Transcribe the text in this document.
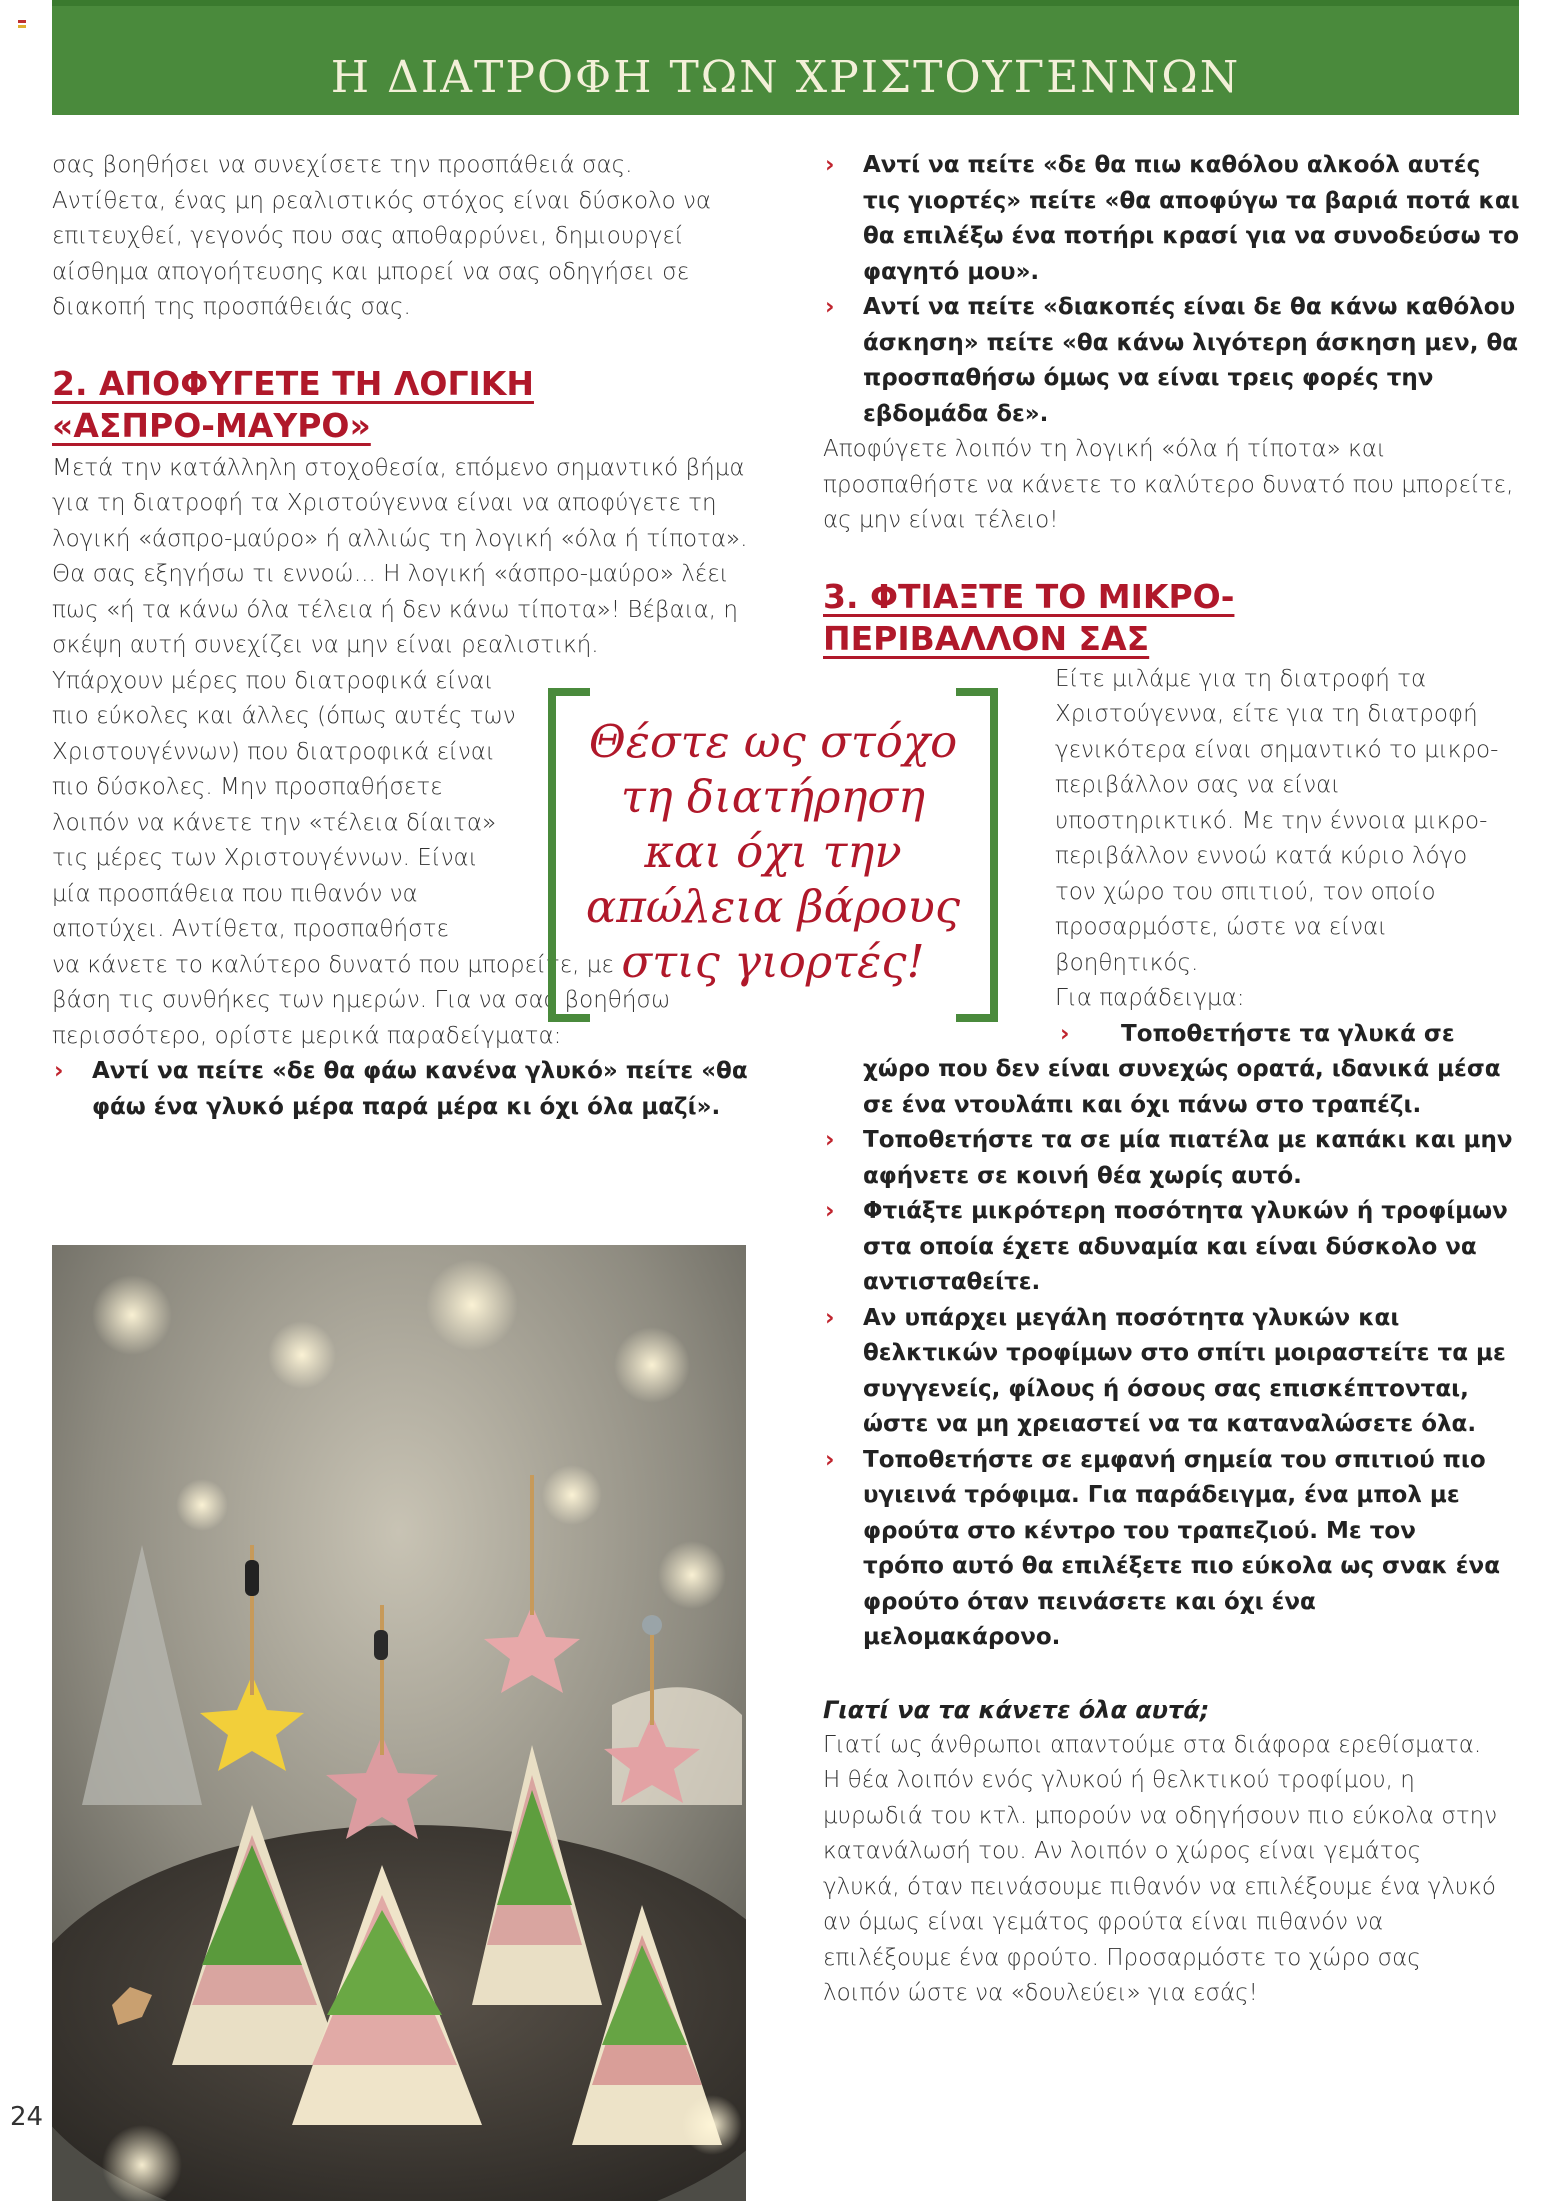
Η ΔΙΑΤΡΟΦΗ ΤΩΝ ΧΡΙΣΤΟΥΓΕΝΝΩΝ

σας βοηθήσει να συνεχίσετε την προσπάθειά σας. Αντίθετα, ένας μη ρεαλιστικός στόχος είναι δύσκολο να επιτευχθεί, γεγονός που σας αποθαρρύνει, δημιουργεί αίσθημα απογοήτευσης και μπορεί να σας οδηγήσει σε διακοπή της προσπάθειάς σας.

2. ΑΠΟΦΥΓΕΤΕ ΤΗ ΛΟΓΙΚΗ
«ΑΣΠΡΟ-ΜΑΥΡΟ»

Μετά την κατάλληλη στοχοθεσία, επόμενο σημαντικό βήμα για τη διατροφή τα Χριστούγεννα είναι να αποφύγετε τη λογική «άσπρο-μαύρο» ή αλλιώς τη λογική «όλα ή τίποτα». Θα σας εξηγήσω τι εννοώ... Η λογική «άσπρο-μαύρο» λέει πως «ή τα κάνω όλα τέλεια ή δεν κάνω τίποτα»! Βέβαια, η σκέψη αυτή συνεχίζει να μην είναι ρεαλιστική.

Υπάρχουν μέρες που διατροφικά είναι πιο εύκολες και άλλες (όπως αυτές των Χριστουγέννων) που διατροφικά είναι πιο δύσκολες. Μην προσπαθήσετε λοιπόν να κάνετε την «τέλεια δίαιτα» τις μέρες των Χριστουγέννων. Είναι μία προσπάθεια που πιθανόν να αποτύχει. Αντίθετα, προσπαθήστε

να κάνετε το καλύτερο δυνατό που μπορείτε, με βάση τις συνθήκες των ημερών. Για να σας βοηθήσω περισσότερο, ορίστε μερικά παραδείγματα:

› Αντί να πείτε «δε θα φάω κανένα γλυκό» πείτε «θα φάω ένα γλυκό μέρα παρά μέρα κι όχι όλα μαζί».
Θέστε ως στόχο
τη διατήρηση
και όχι την
απώλεια βάρους
στις γιορτές!
24
› Αντί να πείτε «δε θα πιω καθόλου αλκοόλ αυτές τις γιορτές» πείτε «θα αποφύγω τα βαριά ποτά και θα επιλέξω ένα ποτήρι κρασί για να συνοδεύσω το φαγητό μου».
› Αντί να πείτε «διακοπές είναι δε θα κάνω καθόλου άσκηση» πείτε «θα κάνω λιγότερη άσκηση μεν, θα προσπαθήσω όμως να είναι τρεις φορές την εβδομάδα δε».

Αποφύγετε λοιπόν τη λογική «όλα ή τίποτα» και προσπαθήστε να κάνετε το καλύτερο δυνατό που μπορείτε, ας μην είναι τέλειο!

3. ΦΤΙΑΞΤΕ ΤΟ ΜΙΚΡΟ-
ΠΕΡΙΒΑΛΛΟΝ ΣΑΣ

Είτε μιλάμε για τη διατροφή τα Χριστούγεννα, είτε για τη διατροφή γενικότερα είναι σημαντικό το μικρο-περιβάλλον σας να είναι υποστηρικτικό. Με την έννοια μικρο-περιβάλλον εννοώ κατά κύριο λόγο τον χώρο του σπιτιού, τον οποίο προσαρμόστε, ώστε να είναι βοηθητικός.

Για παράδειγμα:

›	Τοποθετήστε τα γλυκά σε χώρο που δεν είναι συνεχώς ορατά, ιδανικά μέσα σε ένα ντουλάπι και όχι πάνω στο τραπέζι.
› Τοποθετήστε τα σε μία πιατέλα με καπάκι και μην αφήνετε σε κοινή θέα χωρίς αυτό.
› Φτιάξτε μικρότερη ποσότητα γλυκών ή τροφίμων στα οποία έχετε αδυναμία και είναι δύσκολο να αντισταθείτε.
› Αν υπάρχει μεγάλη ποσότητα γλυκών και θελκτικών τροφίμων στο σπίτι μοιραστείτε τα με συγγενείς, φίλους ή όσους σας επισκέπτονται, ώστε να μη χρειαστεί να τα καταναλώσετε όλα.
› Τοποθετήστε σε εμφανή σημεία του σπιτιού πιο υγιεινά τρόφιμα. Για παράδειγμα, ένα μπολ με φρούτα στο κέντρο του τραπεζιού. Με τον τρόπο αυτό θα επιλέξετε πιο εύκολα ως σνακ ένα φρούτο όταν πεινάσετε και όχι ένα μελομακάρονο.
Γιατί να τα κάνετε όλα αυτά;

Γιατί ως άνθρωποι απαντούμε στα διάφορα ερεθίσματα. Η θέα λοιπόν ενός γλυκού ή θελκτικού τροφίμου, η μυρωδιά του κτλ. μπορούν να οδηγήσουν πιο εύκολα στην κατανάλωσή του. Αν λοιπόν ο χώρος είναι γεμάτος γλυκά, όταν πεινάσουμε πιθανόν να επιλέξουμε ένα γλυκό αν όμως είναι γεμάτος φρούτα είναι πιθανόν να επιλέξουμε ένα φρούτο. Προσαρμόστε το χώρο σας λοιπόν ώστε να «δουλεύει» για εσάς!
